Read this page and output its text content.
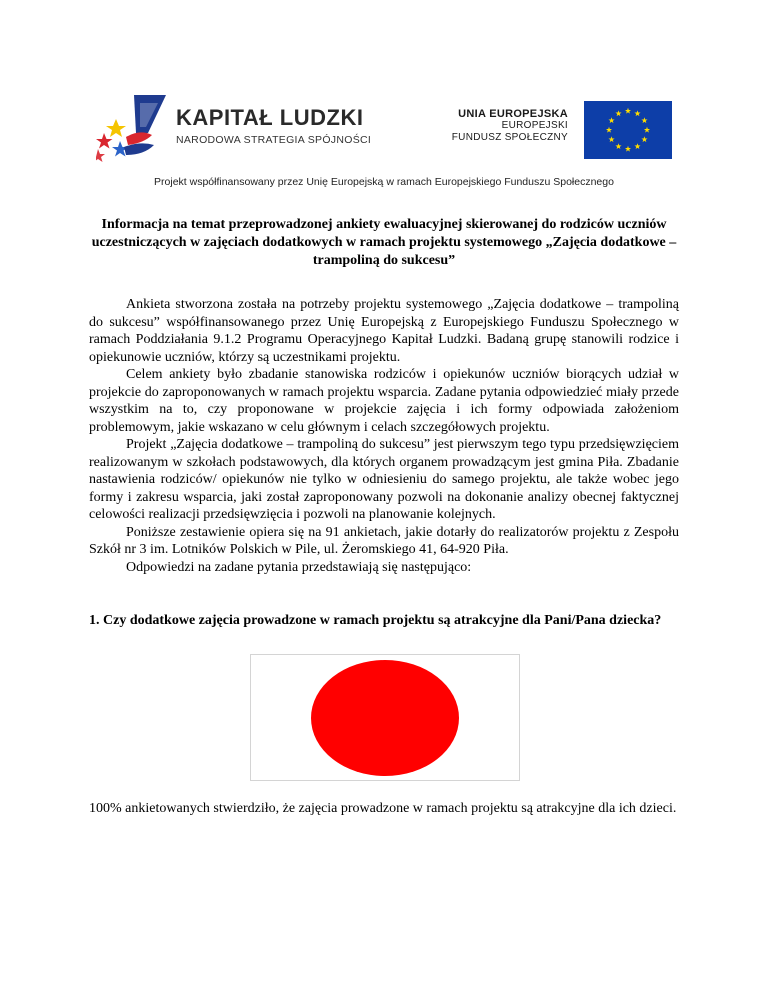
KAPITAŁ LUDZKI
NARODOWA STRATEGIA SPÓJNOŚCI
UNIA EUROPEJSKA
EUROPEJSKI
FUNDUSZ SPOŁECZNY
Projekt współfinansowany przez Unię Europejską w ramach Europejskiego Funduszu Społecznego
Informacja na temat przeprowadzonej ankiety ewaluacyjnej skierowanej do rodziców uczniów uczestniczących w zajęciach dodatkowych w ramach projektu systemowego „Zajęcia dodatkowe – trampoliną do sukcesu”

Ankieta stworzona została na potrzeby projektu systemowego „Zajęcia dodatkowe – trampoliną do sukcesu” współfinansowanego przez Unię Europejską z Europejskiego Funduszu Społecznego w ramach Poddziałania 9.1.2 Programu Operacyjnego Kapitał Ludzki. Badaną grupę stanowili rodzice i opiekunowie uczniów, którzy są uczestnikami projektu.

Celem ankiety było zbadanie stanowiska rodziców i opiekunów uczniów biorących udział w projekcie do zaproponowanych w ramach projektu wsparcia. Zadane pytania odpowiedzieć miały przede wszystkim na to, czy proponowane w projekcie zajęcia i ich formy odpowiada założeniom problemowym, jakie wskazano w celu głównym i celach szczegółowych projektu.

Projekt „Zajęcia dodatkowe – trampoliną do sukcesu” jest pierwszym tego typu przedsięwzięciem realizowanym w szkołach podstawowych, dla których organem prowadzącym jest gmina Piła. Zbadanie nastawienia rodziców/ opiekunów nie tylko w odniesieniu do samego projektu, ale także wobec jego formy i zakresu wsparcia, jaki został zaproponowany pozwoli na dokonanie analizy obecnej faktycznej celowości realizacji przedsięwzięcia i pozwoli na planowanie kolejnych.

Poniższe zestawienie opiera się na 91 ankietach, jakie dotarły do realizatorów projektu z Zespołu Szkół nr 3 im. Lotników Polskich w Pile, ul. Żeromskiego 41, 64-920 Piła.

Odpowiedzi na zadane pytania przedstawiają się następująco:

1. Czy dodatkowe zajęcia prowadzone w ramach projektu są atrakcyjne dla Pani/Pana dziecka?
100% ankietowanych stwierdziło, że zajęcia prowadzone w ramach projektu są atrakcyjne dla ich dzieci.
